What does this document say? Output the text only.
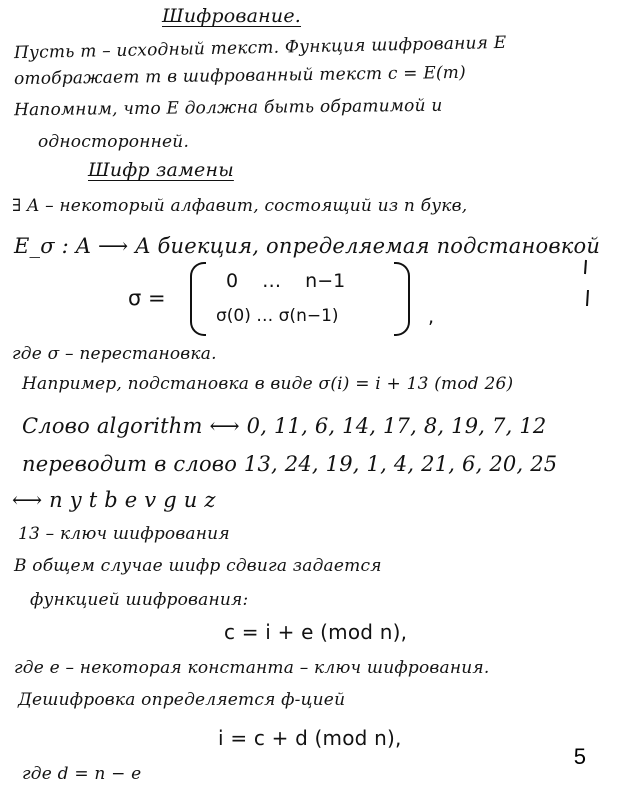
Шифрование.
Пусть m – исходный текст. Функция шифрования E
отображает m в шифрованный текст c = E(m)
Напомним, что E должна быть обратимой и
односторонней.
Шифр замены
∃ A – некоторый алфавит, состоящий из n букв,
E_σ : A ⟶ A биекция, определяемая подстановкой
σ =
0 … n−1
σ(0) … σ(n−1)	,
где σ – перестановка.
Например, подстановка в виде σ(i) = i + 13 (mod 26)
Слово algorithm ⟷ 0, 11, 6, 14, 17, 8, 19, 7, 12
переводит в слово 13, 24, 19, 1, 4, 21, 6, 20, 25
⟷ n y t b e v g u z
13 – ключ шифрования
В общем случае шифр сдвига задается
функцией шифрования:
c = i + e (mod n),
где e – некоторая константа – ключ шифрования.
Дешифровка определяется ф-цией
i = c + d (mod n),
где d = n − e
5
